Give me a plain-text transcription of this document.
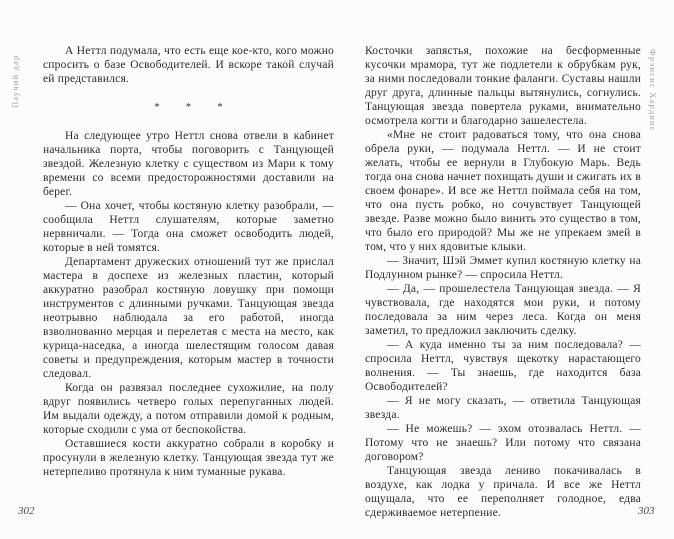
Паучий дар

А Неттл подумала, что есть еще кое-кто, кого можно спросить о базе Освободителей. И вскоре такой случай ей представился.

* * *

На следующее утро Неттл снова отвели в кабинет начальника порта, чтобы поговорить с Танцующей звездой. Железную клетку с существом из Мари к тому времени со всеми предосторожностями доставили на берег.

— Она хочет, чтобы костяную клетку разобрали, — сообщила Неттл слушателям, которые заметно нервничали. — Тогда она сможет освободить людей, которые в ней томятся.

Департамент дружеских отношений тут же прислал мастера в доспехе из железных пластин, который аккуратно разобрал костяную ловушку при помощи инструментов с длинными ручками. Танцующая звезда неотрывно наблюдала за его работой, иногда взволнованно мерцая и перелетая с места на место, как курица-наседка, а иногда шелестящим голосом давая советы и предупреждения, которым мастер в точности следовал.

Когда он развязал последнее сухожилие, на полу вдруг появились четверо голых перепуганных людей. Им выдали одежду, а потом отправили домой к родным, которые сходили с ума от беспокойства.

Оставшиеся кости аккуратно собрали в коробку и просунули в железную клетку. Танцующая звезда тут же нетерпеливо протянула к ним туманные рукава.

Косточки запястья, похожие на бесформенные кусочки мрамора, тут же подлетели к обрубкам рук, за ними последовали тонкие фаланги. Суставы нашли друг друга, длинные пальцы вытянулись, согнулись. Танцующая звезда повертела руками, внимательно осмотрела когти и благодарно зашелестела.

«Мне не стоит радоваться тому, что она снова обрела руки, — подумала Неттл. — И не стоит желать, чтобы ее вернули в Глубокую Марь. Ведь тогда она снова начнет похищать души и сжигать их в своем фонаре». И все же Неттл поймала себя на том, что она пусть робко, но сочувствует Танцующей звезде. Разве можно было винить это существо в том, что было его природой? Мы же не упрекаем змей в том, что у них ядовитые клыки.

— Значит, Шэй Эммет купил костяную клетку на Подлунном рынке? — спросила Неттл.

— Да, — прошелестела Танцующая звезда. — Я чувствовала, где находятся мои руки, и потому последовала за ним через леса. Когда он меня заметил, то предложил заключить сделку.

— А куда именно ты за ним последовала? — спросила Неттл, чувствуя щекотку нарастающего волнения. — Ты знаешь, где находится база Освободителей?

— Я не могу сказать, — ответила Танцующая звезда.

— Не можешь? — эхом отозвалась Неттл. — Потому что не знаешь? Или потому что связана договором?

Танцующая звезда лениво покачивалась в воздухе, как лодка у причала. И все же Неттл ощущала, что ее переполняет голодное, едва сдерживаемое нетерпение.

Фрэнсис Хардинг
302	303
